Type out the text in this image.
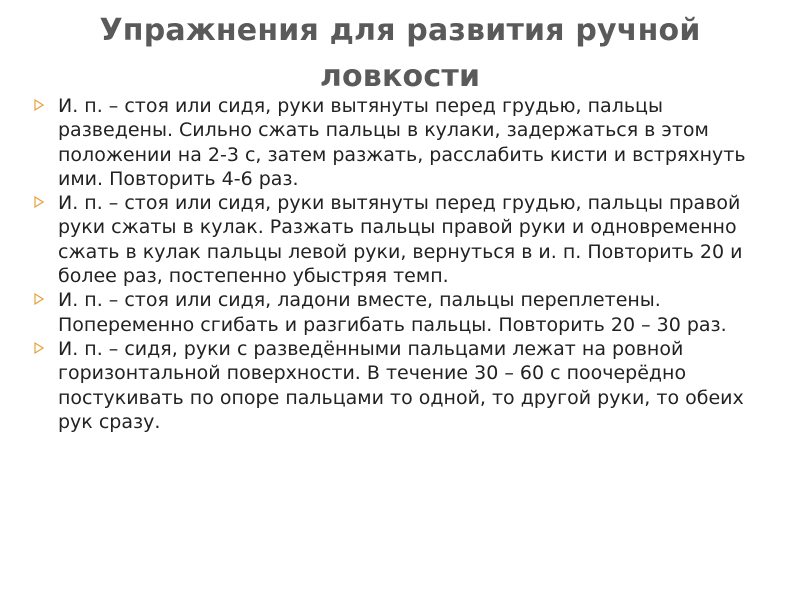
Упражнения для развития ручной ловкости
И. п. – стоя или сидя, руки вытянуты перед грудью, пальцы разведены. Сильно сжать пальцы в кулаки, задержаться в этом положении на 2-3 с, затем разжать, расслабить кисти и встряхнуть ими. Повторить 4-6 раз.
И. п. – стоя или сидя, руки вытянуты перед грудью, пальцы правой руки сжаты в кулак. Разжать пальцы правой руки и одновременно сжать в кулак пальцы левой руки, вернуться в и. п. Повторить 20 и более раз, постепенно убыстряя темп.
И. п. – стоя или сидя, ладони вместе, пальцы переплетены. Попеременно сгибать и разгибать пальцы. Повторить 20 – 30 раз.
И. п. – сидя, руки с разведёнными пальцами лежат на ровной горизонтальной поверхности. В течение 30 – 60 с поочерёдно постукивать по опоре пальцами то одной, то другой руки, то обеих рук сразу.
